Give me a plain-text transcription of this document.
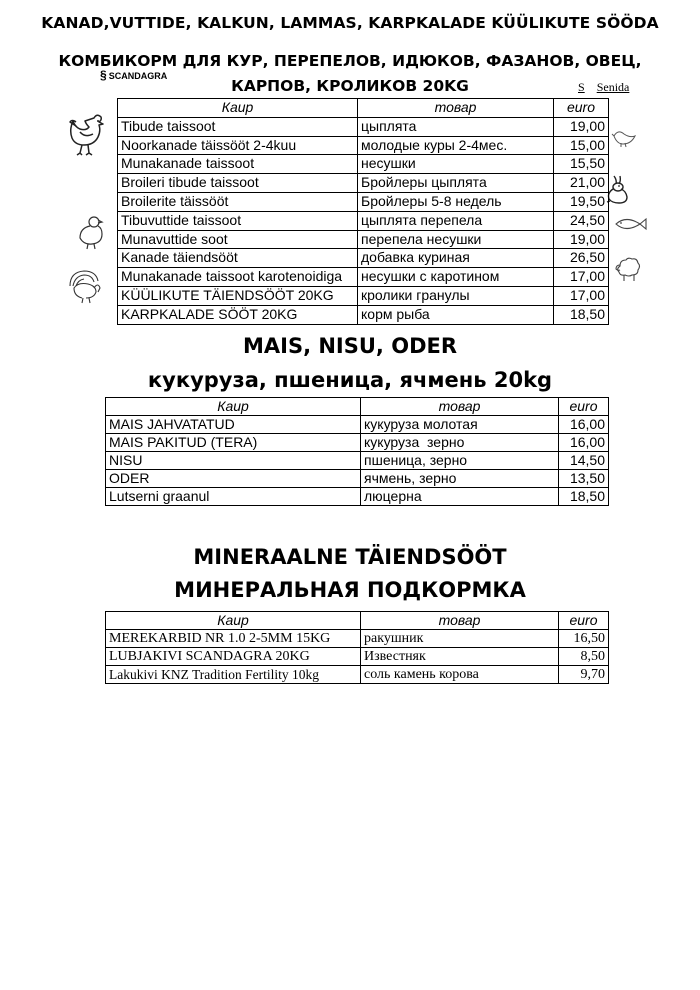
KANAD,VUTTIDE, KALKUN, LAMMAS, KARPKALADE KÜÜLIKUTE SÖÖDA
КОМБИКОРМ ДЛЯ КУР, ПЕРЕПЕЛОВ, ИДЮКОВ, ФАЗАНОВ, ОВЕЦ,
КАРПОВ, КРОЛИКОВ 20KG
§ SCANDAGRA
S Senida
Каир	товар	euro
Tibude taissoot	цыплята	19,00
Noorkanade täissööt 2-4kuu	молодые куры 2-4мес.	15,00
Munakanade taissoot	несушки	15,50
Broileri tibude taissoot	Бройлеры цыплята	21,00
Broilerite täissööt	Бройлеры 5-8 недель	19,50
Tibuvuttide taissoot	цыплята перепела	24,50
Munavuttide soot	перепела несушки	19,00
Kanade täiendsööt	добавка куриная	26,50
Munakanade taissoot karotenoidiga	несушки с каротином	17,00
KÜÜLIKUTE TÄIENDSÖÖT 20KG	кролики гранулы	17,00
KARPKALADE SÖÖT 20KG	корм рыба	18,50
MAIS, NISU, ODER
кукуруза, пшеница, ячмень 20kg
Каир	товар	euro
MAIS JAHVATATUD	кукуруза молотая	16,00
MAIS PAKITUD (TERA)	кукуруза  зерно	16,00
NISU	пшеница, зерно	14,50
ODER	ячмень, зерно	13,50
Lutserni graanul	люцерна	18,50
MINERAALNE TÄIENDSÖÖT
МИНЕРАЛЬНАЯ ПОДКОРМКА
Каир	товар	euro
MEREKARBID NR 1.0 2-5MM 15KG	ракушник	16,50
LUBJAKIVI SCANDAGRA 20KG	Известняк	8,50
Lakukivi KNZ Tradition Fertility 10kg	соль камень корова	9,70
